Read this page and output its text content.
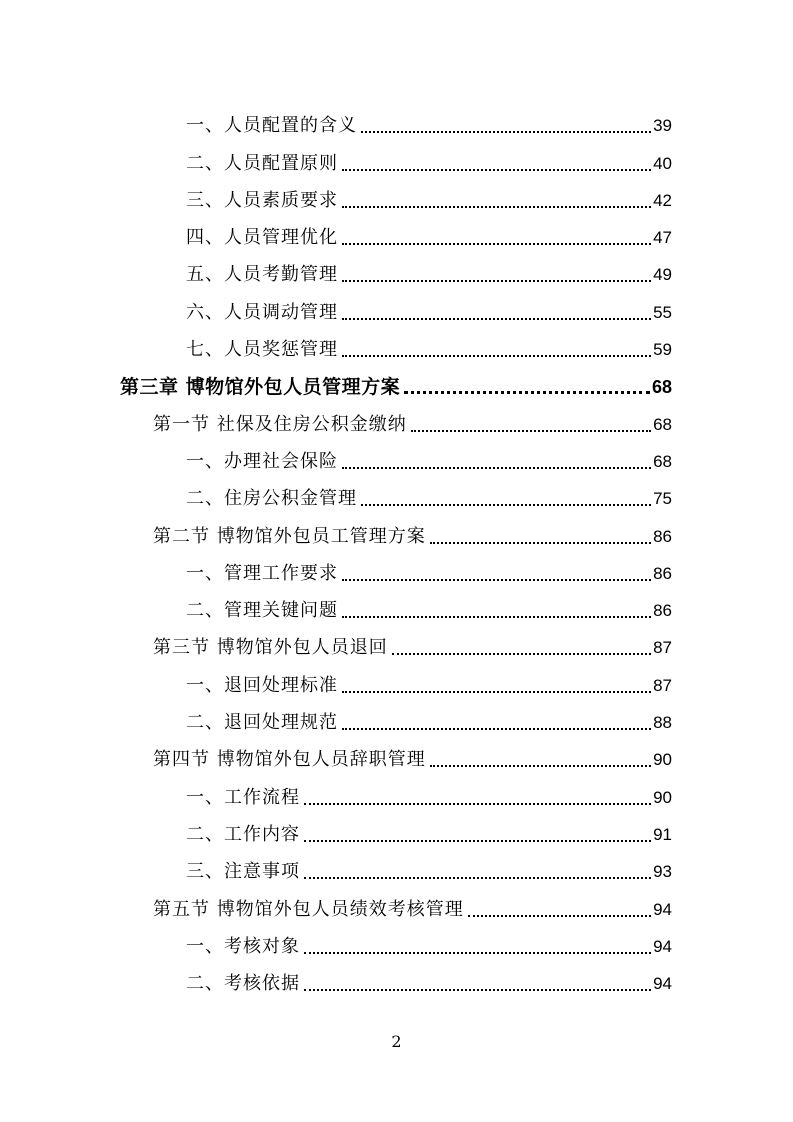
一、人员配置的含义	39
二、人员配置原则	40
三、人员素质要求	42
四、人员管理优化	47
五、人员考勤管理	49
六、人员调动管理	55
七、人员奖惩管理	59
第三章 博物馆外包人员管理方案	68
第一节 社保及住房公积金缴纳	68
一、办理社会保险	68
二、住房公积金管理	75
第二节 博物馆外包员工管理方案	86
一、管理工作要求	86
二、管理关键问题	86
第三节 博物馆外包人员退回	87
一、退回处理标准	87
二、退回处理规范	88
第四节 博物馆外包人员辞职管理	90
一、工作流程	90
二、工作内容	91
三、注意事项	93
第五节 博物馆外包人员绩效考核管理	94
一、考核对象	94
二、考核依据	94
2
